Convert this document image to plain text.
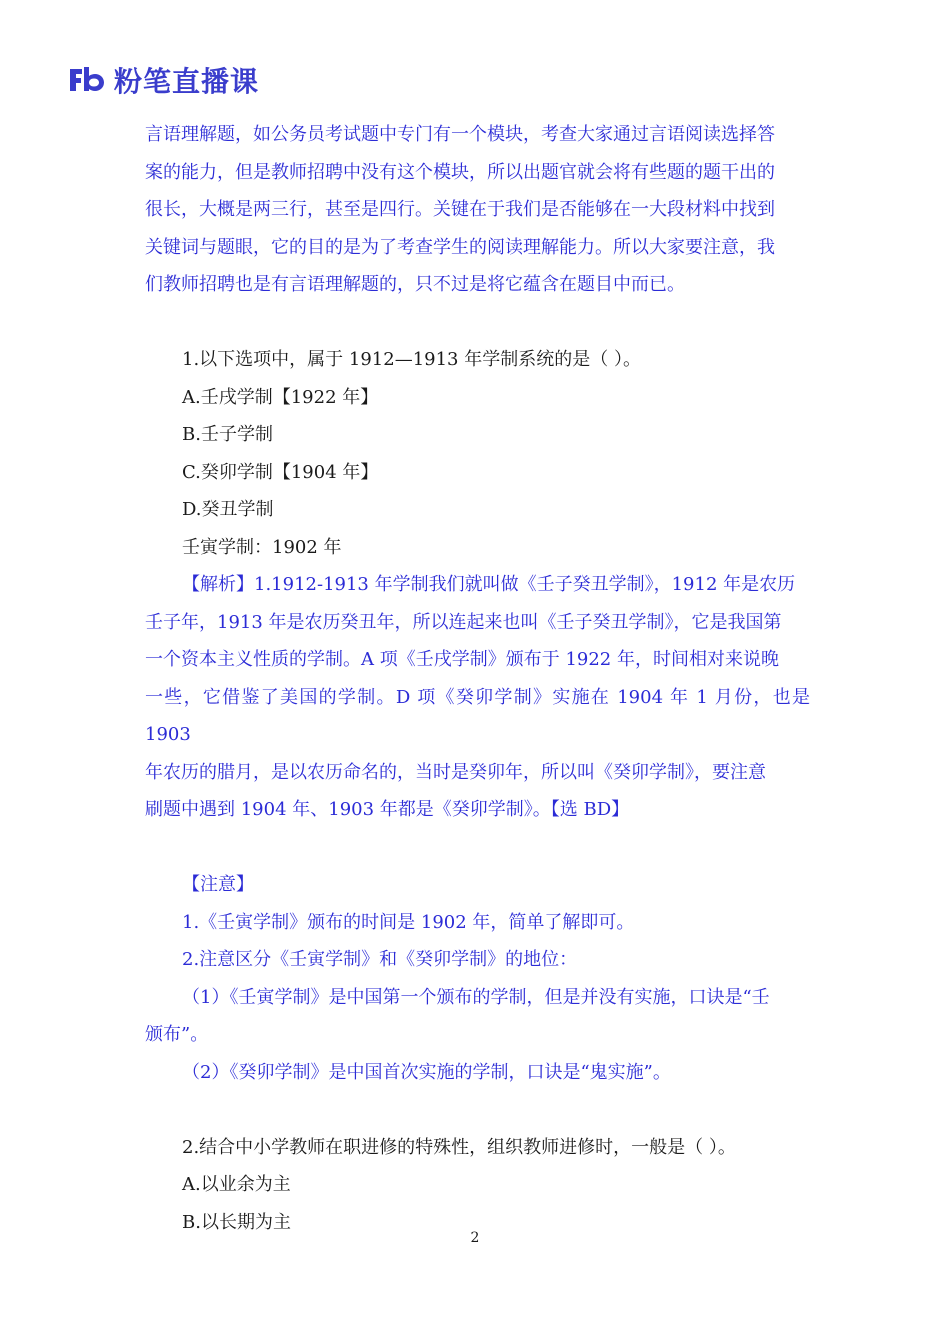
粉笔直播课

言语理解题，如公务员考试题中专门有一个模块，考查大家通过言语阅读选择答

案的能力，但是教师招聘中没有这个模块，所以出题官就会将有些题的题干出的

很长，大概是两三行，甚至是四行。关键在于我们是否能够在一大段材料中找到

关键词与题眼，它的目的是为了考查学生的阅读理解能力。所以大家要注意，我

们教师招聘也是有言语理解题的，只不过是将它蕴含在题目中而已。

1.以下选项中，属于 1912—1913 年学制系统的是（ ）。

A.壬戌学制【1922 年】

B.壬子学制

C.癸卯学制【1904 年】

D.癸丑学制

壬寅学制：1902 年

【解析】1.1912-1913 年学制我们就叫做《壬子癸丑学制》，1912 年是农历

壬子年，1913 年是农历癸丑年，所以连起来也叫《壬子癸丑学制》，它是我国第

一个资本主义性质的学制。A 项《壬戌学制》颁布于 1922 年，时间相对来说晚

一些，它借鉴了美国的学制。D 项《癸卯学制》实施在 1904 年 1 月份，也是 1903

年农历的腊月，是以农历命名的，当时是癸卯年，所以叫《癸卯学制》，要注意

刷题中遇到 1904 年、1903 年都是《癸卯学制》。【选 BD】

【注意】

1.《壬寅学制》颁布的时间是 1902 年，简单了解即可。

2.注意区分《壬寅学制》和《癸卯学制》的地位：

（1）《壬寅学制》是中国第一个颁布的学制，但是并没有实施，口诀是“壬

颁布”。

（2）《癸卯学制》是中国首次实施的学制，口诀是“鬼实施”。

2.结合中小学教师在职进修的特殊性，组织教师进修时，一般是（ ）。

A.以业余为主

B.以长期为主

2
